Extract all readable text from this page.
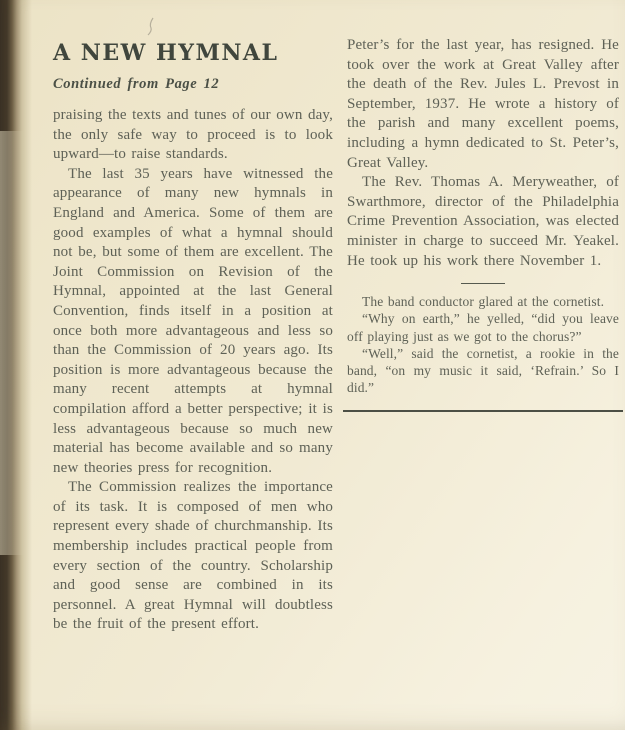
A NEW HYMNAL
Continued from Page 12

praising the texts and tunes of our own day, the only safe way to proceed is to look upward—to raise standards.

The last 35 years have witnessed the appearance of many new hymnals in England and America. Some of them are good examples of what a hymnal should not be, but some of them are excellent. The Joint Commission on Revision of the Hymnal, appointed at the last General Convention, finds itself in a position at once both more advantageous and less so than the Commission of 20 years ago. Its position is more advantageous because the many recent attempts at hymnal compilation afford a better perspective; it is less advantageous because so much new material has become available and so many new theories press for recognition.

The Commission realizes the importance of its task. It is composed of men who represent every shade of churchmanship. Its membership includes practical people from every section of the country. Scholarship and good sense are combined in its personnel. A great Hymnal will doubtless be the fruit of the present effort.

Peter’s for the last year, has resigned. He took over the work at Great Valley after the death of the Rev. Jules L. Prevost in September, 1937. He wrote a history of the parish and many excellent poems, including a hymn dedicated to St. Peter’s, Great Valley.

The Rev. Thomas A. Meryweather, of Swarthmore, director of the Philadelphia Crime Prevention Association, was elected minister in charge to succeed Mr. Yeakel. He took up his work there November 1.

The band conductor glared at the cornetist.

“Why on earth,” he yelled, “did you leave off playing just as we got to the chorus?”

“Well,” said the cornetist, a rookie in the band, “on my music it said, ‘Refrain.’ So I did.”
